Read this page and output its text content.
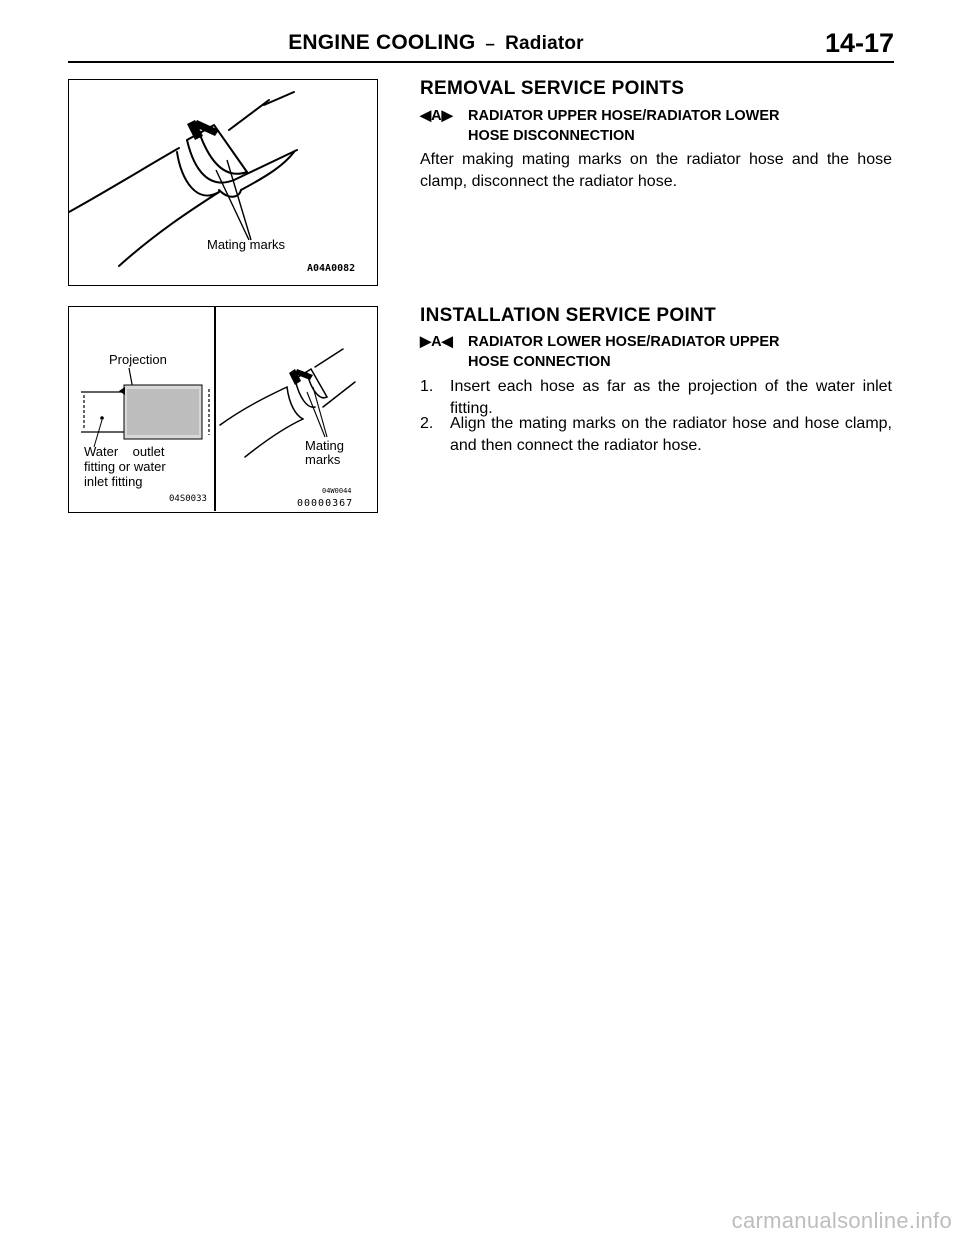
ENGINE COOLING – Radiator	14-17
Mating marks
A04A0082
Projection
Water    outlet
fitting or water
inlet fitting
04S0033
Mating
marks
04W0044
00000367
REMOVAL SERVICE POINTS
◀A▶ RADIATOR UPPER HOSE/RADIATOR LOWER
HOSE DISCONNECTION
After making mating marks on the radiator hose and the hose clamp, disconnect the radiator hose.
INSTALLATION SERVICE POINT
▶A◀ RADIATOR LOWER HOSE/RADIATOR UPPER
HOSE CONNECTION
1.	Insert each hose as far as the projection of the water inlet fitting.
2.	Align the mating marks on the radiator hose and hose clamp, and then connect the radiator hose.
carmanualsonline.info
